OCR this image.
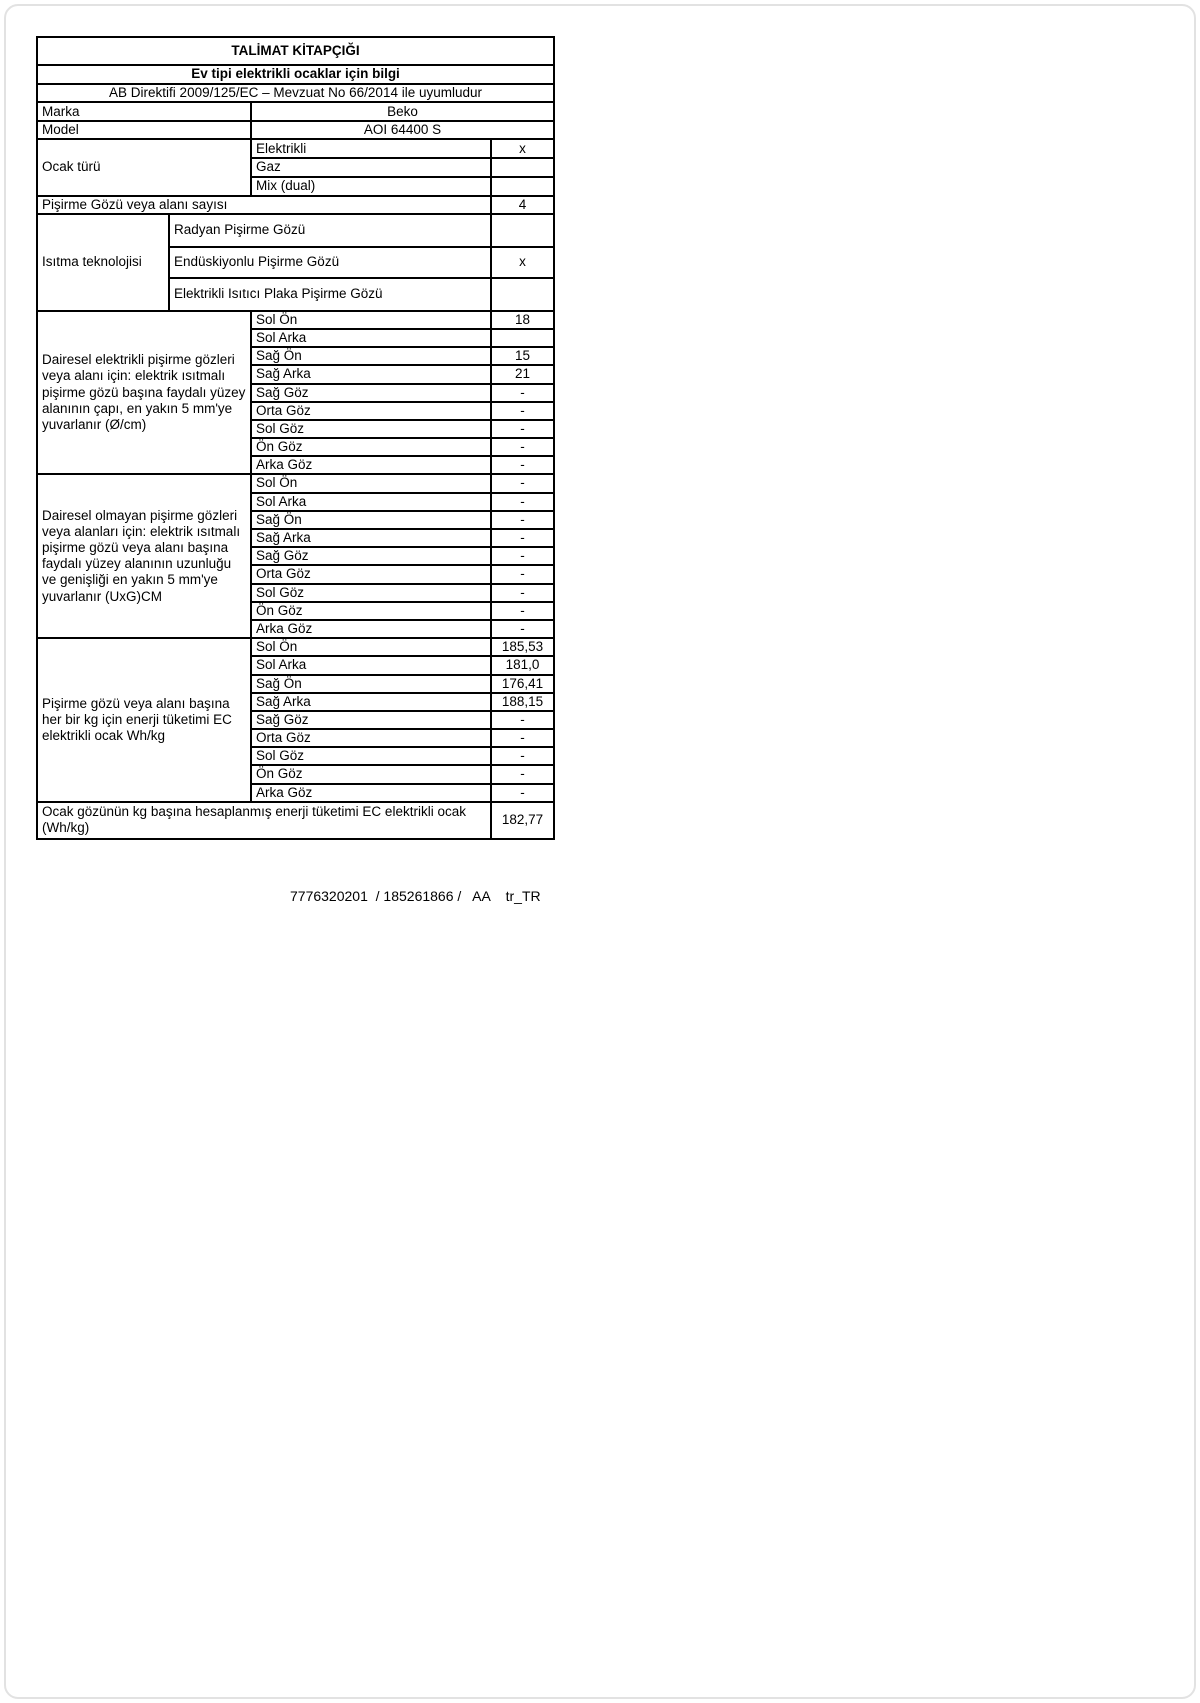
TALİMAT KİTAPÇIĞI			
Ev tipi elektrikli ocaklar için bilgi			
AB Direktifi 2009/125/EC – Mevzuat No 66/2014 ile uyumludur			
Marka		Beko	
Model		AOI 64400 S	
Ocak türü		Elektrikli	x
		Gaz	
		Mix (dual)	
Pişirme Gözü veya alanı sayısı			4
Isıtma teknolojisi	Radyan Pişirme Gözü		
	Endüskiyonlu Pişirme Gözü		x
	Elektrikli Isıtıcı Plaka Pişirme Gözü		
Dairesel elektrikli pişirme gözleri veya alanı için: elektrik ısıtmalı pişirme gözü başına faydalı yüzey alanının çapı, en yakın 5 mm'ye yuvarlanır (Ø/cm)		Sol Ön	18
		Sol Arka	
		Sağ Ön	15
		Sağ Arka	21
		Sağ Göz	-
		Orta Göz	-
		Sol Göz	-
		Ön Göz	-
		Arka Göz	-
Dairesel olmayan pişirme gözleri veya alanları için: elektrik ısıtmalı pişirme gözü veya alanı başına faydalı yüzey alanının uzunluğu ve genişliği en yakın 5 mm'ye yuvarlanır (UxG)CM		Sol Ön	-
		Sol Arka	-
		Sağ Ön	-
		Sağ Arka	-
		Sağ Göz	-
		Orta Göz	-
		Sol Göz	-
		Ön Göz	-
		Arka Göz	-
Pişirme gözü veya alanı başına her bir kg için enerji tüketimi EC elektrikli ocak Wh/kg		Sol Ön	185,53
		Sol Arka	181,0
		Sağ Ön	176,41
		Sağ Arka	188,15
		Sağ Göz	-
		Orta Göz	-
		Sol Göz	-
		Ön Göz	-
		Arka Göz	-
Ocak gözünün kg başına hesaplanmış enerji tüketimi EC elektrikli ocak (Wh/kg)			182,77
7776320201  / 185261866 /   AA    tr_TR
